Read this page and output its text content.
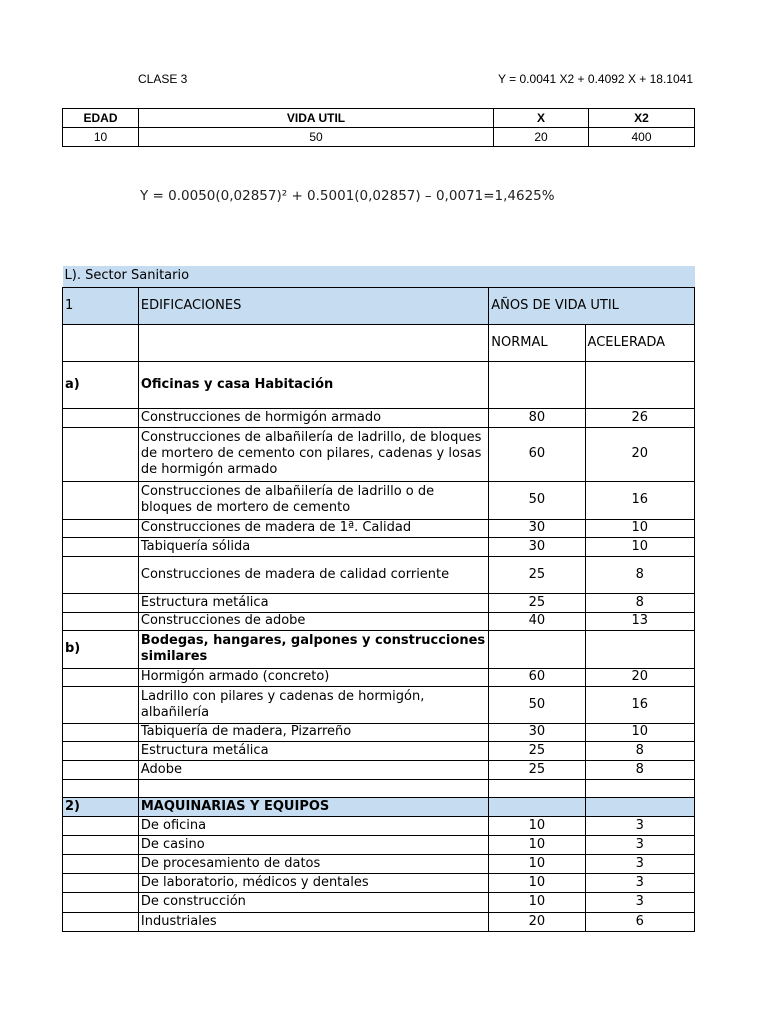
CLASE 3	Y = 0.0041 X2 + 0.4092 X + 18.1041
EDAD	VIDA UTIL	X	X2
10	50	20	400
Y = 0.0050(0,02857)² + 0.5001(0,02857) – 0,0071=1,4625%
L). Sector Sanitario			
1	EDIFICACIONES	AÑOS DE VIDA UTIL	
		NORMAL	ACELERADA
a)	Oficinas y casa Habitación		
	Construcciones de hormigón armado	80	26
	Construcciones de albañilería de ladrillo, de bloques de mortero de cemento con pilares, cadenas y losas de hormigón armado	60	20
	Construcciones de albañilería de ladrillo o de bloques de mortero de cemento	50	16
	Construcciones de madera de 1ª. Calidad	30	10
	Tabiquería sólida	30	10
	Construcciones de madera de calidad corriente	25	8
	Estructura metálica	25	8
	Construcciones de adobe	40	13
b)	Bodegas, hangares, galpones y construcciones similares		
	Hormigón armado (concreto)	60	20
	Ladrillo con pilares y cadenas de hormigón, albañilería	50	16
	Tabiquería de madera, Pizarreño	30	10
	Estructura metálica	25	8
	Adobe	25	8

2)	MAQUINARIAS Y EQUIPOS		
	De oficina	10	3
	De casino	10	3
	De procesamiento de datos	10	3
	De laboratorio, médicos y dentales	10	3
	De construcción	10	3
	Industriales	20	6
